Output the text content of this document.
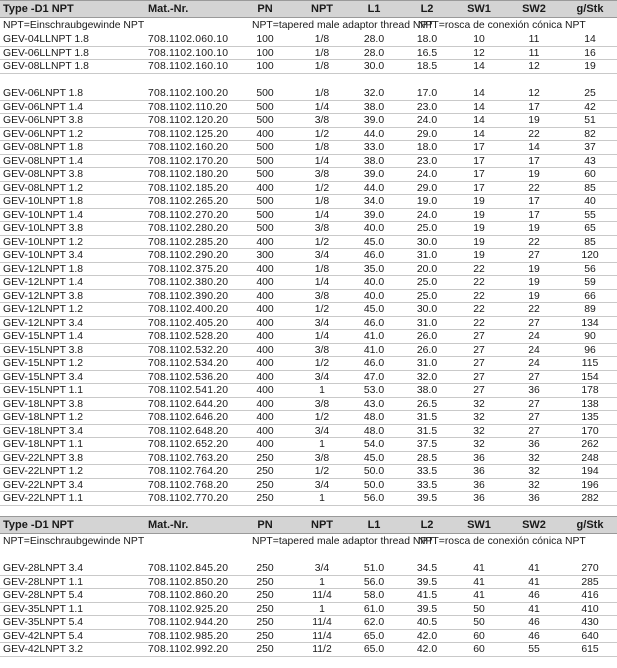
Type -D1 NPT	Mat.-Nr.	PN	NPT	L1	L2	SW1	SW2	g/Stk
NPT=Einschraubgewinde NPT	NPT=tapered male adaptor thread NPT
NPT=rosca de conexión cónica NPT
GEV-04LLNPT 1.8	708.1102.060.10	100	1/8	28.0	18.0	10	11	14
GEV-06LLNPT 1.8	708.1102.100.10	100	1/8	28.0	16.5	12	11	16
GEV-08LLNPT 1.8	708.1102.160.10	100	1/8	30.0	18.5	14	12	19
GEV-06LNPT 1.8	708.1102.100.20	500	1/8	32.0	17.0	14	12	25
GEV-06LNPT 1.4	708.1102.110.20	500	1/4	38.0	23.0	14	17	42
GEV-06LNPT 3.8	708.1102.120.20	500	3/8	39.0	24.0	14	19	51
GEV-06LNPT 1.2	708.1102.125.20	400	1/2	44.0	29.0	14	22	82
GEV-08LNPT 1.8	708.1102.160.20	500	1/8	33.0	18.0	17	14	37
GEV-08LNPT 1.4	708.1102.170.20	500	1/4	38.0	23.0	17	17	43
GEV-08LNPT 3.8	708.1102.180.20	500	3/8	39.0	24.0	17	19	60
GEV-08LNPT 1.2	708.1102.185.20	400	1/2	44.0	29.0	17	22	85
GEV-10LNPT 1.8	708.1102.265.20	500	1/8	34.0	19.0	19	17	40
GEV-10LNPT 1.4	708.1102.270.20	500	1/4	39.0	24.0	19	17	55
GEV-10LNPT 3.8	708.1102.280.20	500	3/8	40.0	25.0	19	19	65
GEV-10LNPT 1.2	708.1102.285.20	400	1/2	45.0	30.0	19	22	85
GEV-10LNPT 3.4	708.1102.290.20	300	3/4	46.0	31.0	19	27	120
GEV-12LNPT 1.8	708.1102.375.20	400	1/8	35.0	20.0	22	19	56
GEV-12LNPT 1.4	708.1102.380.20	400	1/4	40.0	25.0	22	19	59
GEV-12LNPT 3.8	708.1102.390.20	400	3/8	40.0	25.0	22	19	66
GEV-12LNPT 1.2	708.1102.400.20	400	1/2	45.0	30.0	22	22	89
GEV-12LNPT 3.4	708.1102.405.20	400	3/4	46.0	31.0	22	27	134
GEV-15LNPT 1.4	708.1102.528.20	400	1/4	41.0	26.0	27	24	90
GEV-15LNPT 3.8	708.1102.532.20	400	3/8	41.0	26.0	27	24	96
GEV-15LNPT 1.2	708.1102.534.20	400	1/2	46.0	31.0	27	24	115
GEV-15LNPT 3.4	708.1102.536.20	400	3/4	47.0	32.0	27	27	154
GEV-15LNPT 1.1	708.1102.541.20	400	1	53.0	38.0	27	36	178
GEV-18LNPT 3.8	708.1102.644.20	400	3/8	43.0	26.5	32	27	138
GEV-18LNPT 1.2	708.1102.646.20	400	1/2	48.0	31.5	32	27	135
GEV-18LNPT 3.4	708.1102.648.20	400	3/4	48.0	31.5	32	27	170
GEV-18LNPT 1.1	708.1102.652.20	400	1	54.0	37.5	32	36	262
GEV-22LNPT 3.8	708.1102.763.20	250	3/8	45.0	28.5	36	32	248
GEV-22LNPT 1.2	708.1102.764.20	250	1/2	50.0	33.5	36	32	194
GEV-22LNPT 3.4	708.1102.768.20	250	3/4	50.0	33.5	36	32	196
GEV-22LNPT 1.1	708.1102.770.20	250	1	56.0	39.5	36	36	282
Type -D1 NPT	Mat.-Nr.	PN	NPT	L1	L2	SW1	SW2	g/Stk
NPT=Einschraubgewinde NPT	NPT=tapered male adaptor thread NPT
NPT=rosca de conexión cónica NPT
GEV-28LNPT 3.4	708.1102.845.20	250	3/4	51.0	34.5	41	41	270
GEV-28LNPT 1.1	708.1102.850.20	250	1	56.0	39.5	41	41	285
GEV-28LNPT 5.4	708.1102.860.20	250	11/4	58.0	41.5	41	46	416
GEV-35LNPT 1.1	708.1102.925.20	250	1	61.0	39.5	50	41	410
GEV-35LNPT 5.4	708.1102.944.20	250	11/4	62.0	40.5	50	46	430
GEV-42LNPT 5.4	708.1102.985.20	250	11/4	65.0	42.0	60	46	640
GEV-42LNPT 3.2	708.1102.992.20	250	11/2	65.0	42.0	60	55	615
